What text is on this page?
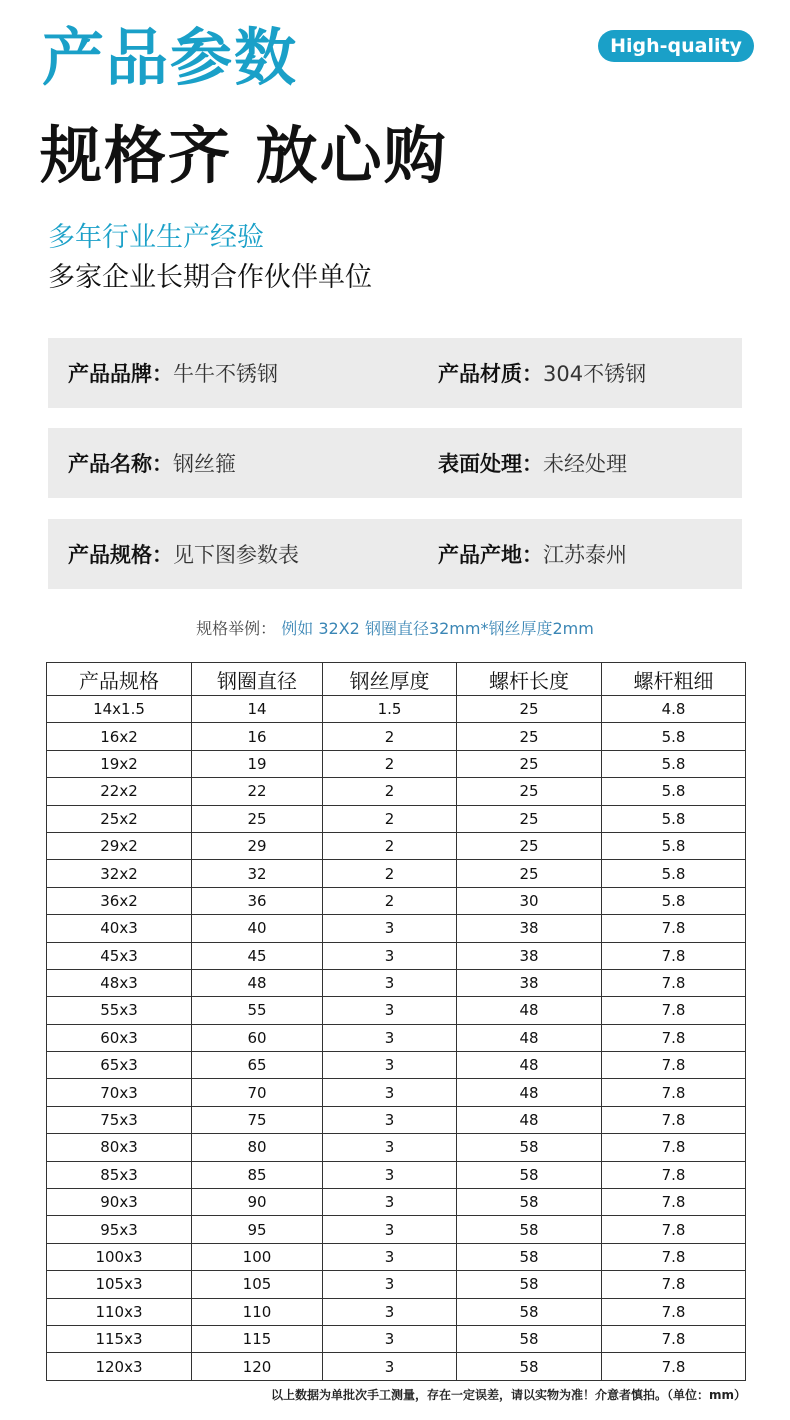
产品参数	High-quality
规格齐 放心购
多年行业生产经验
多家企业长期合作伙伴单位
产品品牌： 牛牛不锈钢	产品材质： 304不锈钢
产品名称： 钢丝箍	表面处理： 未经处理
产品规格： 见下图参数表	产品产地： 江苏泰州
规格举例： 例如 32X2 钢圈直径32mm*钢丝厚度2mm
产品规格	钢圈直径	钢丝厚度	螺杆长度	螺杆粗细
14x1.5	14	1.5	25	4.8
16x2	16	2	25	5.8
19x2	19	2	25	5.8
22x2	22	2	25	5.8
25x2	25	2	25	5.8
29x2	29	2	25	5.8
32x2	32	2	25	5.8
36x2	36	2	30	5.8
40x3	40	3	38	7.8
45x3	45	3	38	7.8
48x3	48	3	38	7.8
55x3	55	3	48	7.8
60x3	60	3	48	7.8
65x3	65	3	48	7.8
70x3	70	3	48	7.8
75x3	75	3	48	7.8
80x3	80	3	58	7.8
85x3	85	3	58	7.8
90x3	90	3	58	7.8
95x3	95	3	58	7.8
100x3	100	3	58	7.8
105x3	105	3	58	7.8
110x3	110	3	58	7.8
115x3	115	3	58	7.8
120x3	120	3	58	7.8
以上数据为单批次手工测量，存在一定误差，请以实物为准！介意者慎拍。（单位：mm）
